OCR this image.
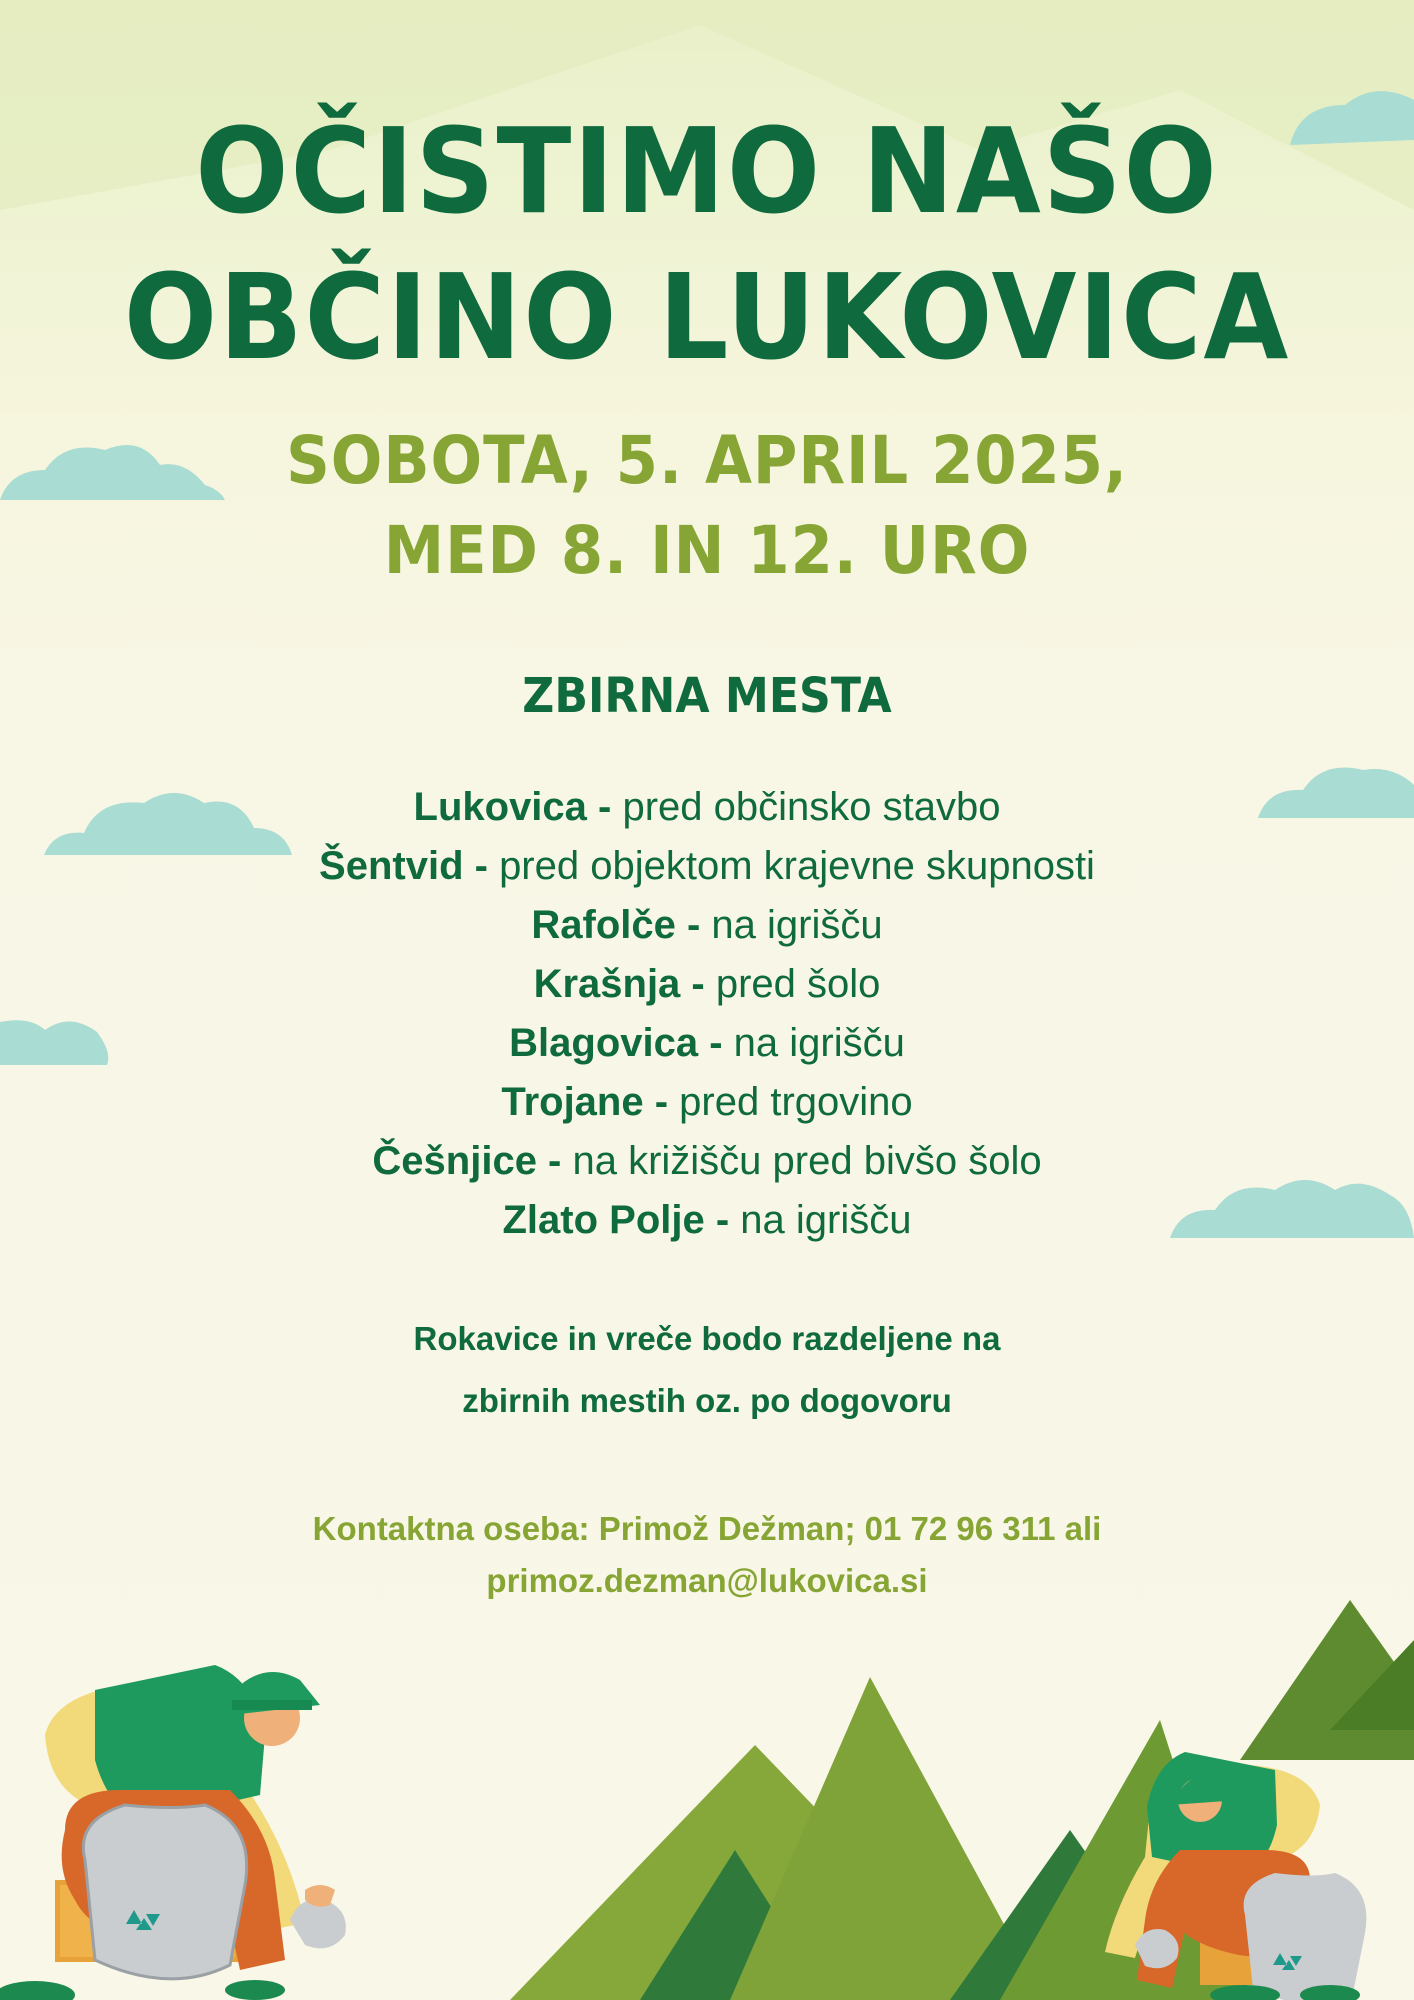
OČISTIMO NAŠO
OBČINO LUKOVICA
SOBOTA, 5. APRIL 2025,
MED 8. IN 12. URO
ZBIRNA MESTA
Lukovica - pred občinsko stavbo
Šentvid - pred objektom krajevne skupnosti
Rafolče - na igrišču
Krašnja - pred šolo
Blagovica - na igrišču
Trojane - pred trgovino
Češnjice - na križišču pred bivšo šolo
Zlato Polje - na igrišču
Rokavice in vreče bodo razdeljene na
zbirnih mestih oz. po dogovoru
Kontaktna oseba: Primož Dežman; 01 72 96 311 ali
primoz.dezman@lukovica.si
